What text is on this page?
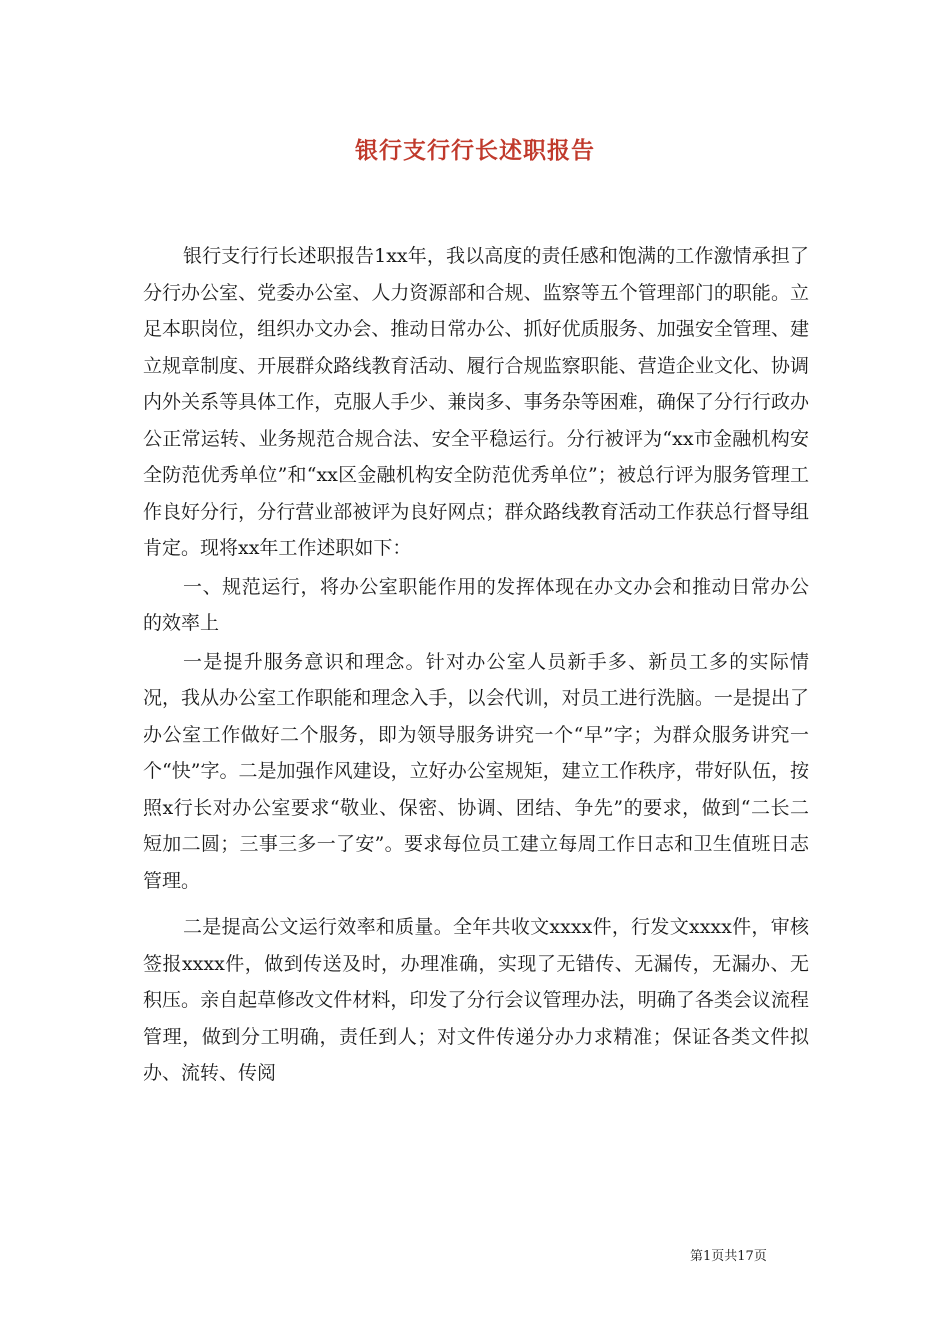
银行支行行长述职报告

银行支行行长述职报告1xx年，我以高度的责任感和饱满的工作激情承担了分行办公室、党委办公室、人力资源部和合规、监察等五个管理部门的职能。立足本职岗位，组织办文办会、推动日常办公、抓好优质服务、加强安全管理、建立规章制度、开展群众路线教育活动、履行合规监察职能、营造企业文化、协调内外关系等具体工作，克服人手少、兼岗多、事务杂等困难，确保了分行行政办公正常运转、业务规范合规合法、安全平稳运行。分行被评为“xx市金融机构安全防范优秀单位”和“xx区金融机构安全防范优秀单位”；被总行评为服务管理工作良好分行，分行营业部被评为良好网点；群众路线教育活动工作获总行督导组肯定。现将xx年工作述职如下：

一、规范运行，将办公室职能作用的发挥体现在办文办会和推动日常办公的效率上

一是提升服务意识和理念。针对办公室人员新手多、新员工多的实际情况，我从办公室工作职能和理念入手，以会代训，对员工进行洗脑。一是提出了办公室工作做好二个服务，即为领导服务讲究一个“早”字；为群众服务讲究一个“快”字。二是加强作风建设，立好办公室规矩，建立工作秩序，带好队伍，按照x行长对办公室要求“敬业、保密、协调、团结、争先”的要求，做到“二长二短加二圆；三事三多一了安”。要求每位员工建立每周工作日志和卫生值班日志管理。

二是提高公文运行效率和质量。全年共收文xxxx件，行发文xxxx件，审核签报xxxx件，做到传送及时，办理准确，实现了无错传、无漏传，无漏办、无积压。亲自起草修改文件材料，印发了分行会议管理办法，明确了各类会议流程管理，做到分工明确，责任到人；对文件传递分办力求精准；保证各类文件拟办、流转、传阅

第1页共17页
